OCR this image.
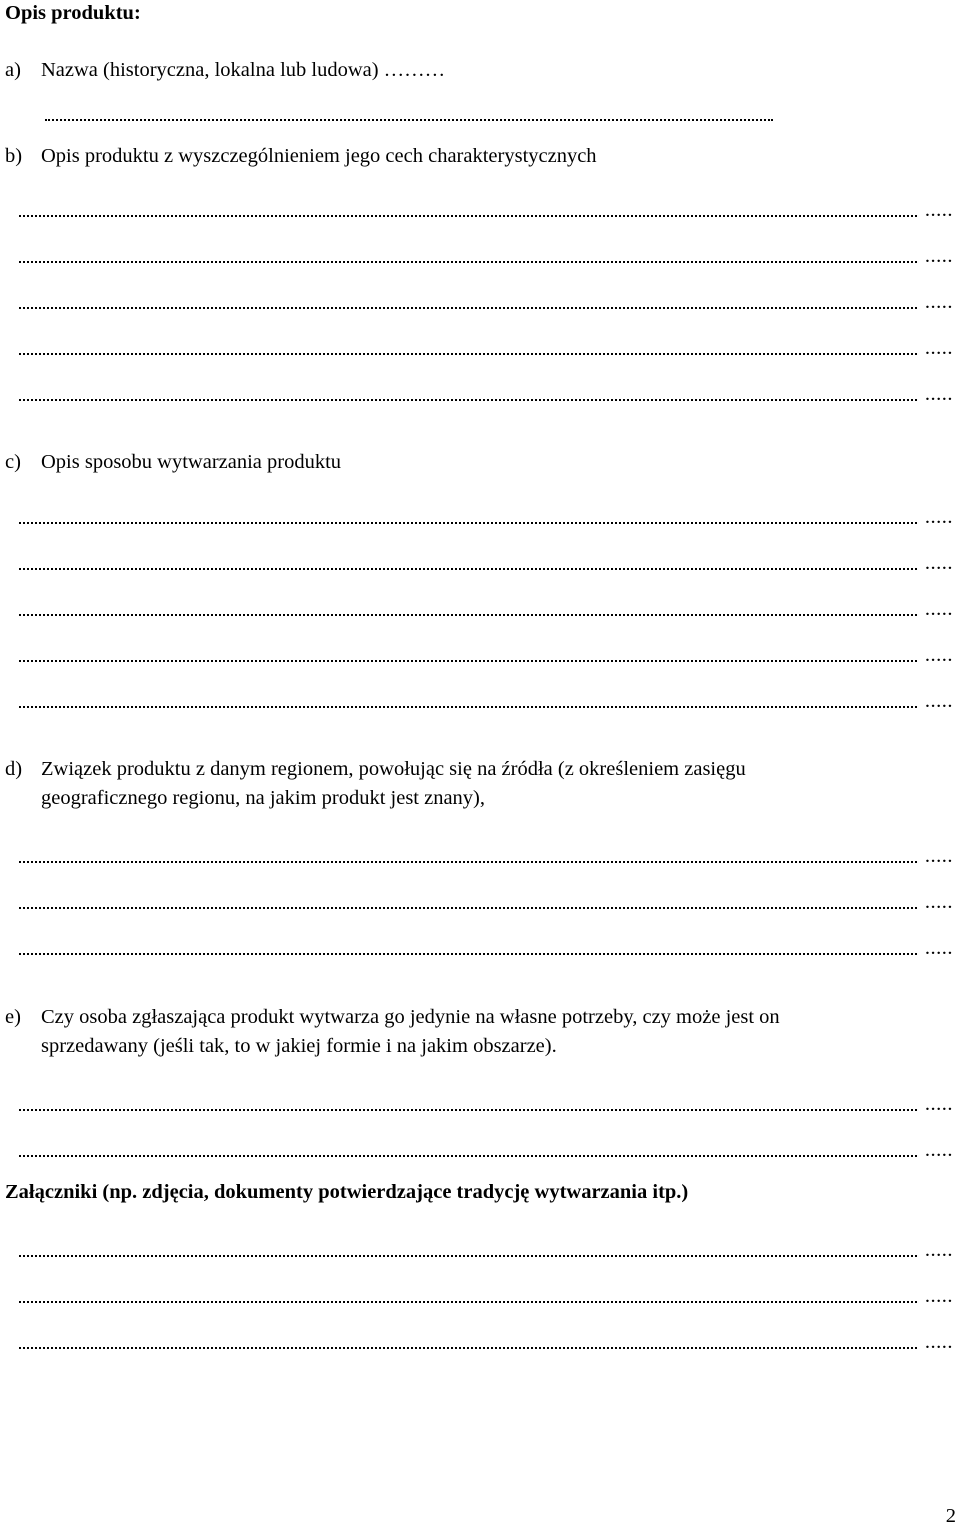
Opis produktu:
a) Nazwa (historyczna, lokalna lub ludowa) ………
b) Opis produktu z wyszczególnieniem jego cech charakterystycznych
.....
.....
.....
.....
.....
c) Opis sposobu wytwarzania produktu
.....
.....
.....
.....
.....
d) Związek produktu z danym regionem, powołując się na źródła (z określeniem zasięgu
geograficznego regionu, na jakim produkt jest znany),
.....
.....
.....
e) Czy osoba zgłaszająca produkt wytwarza go jedynie na własne potrzeby, czy może jest on
sprzedawany (jeśli tak, to w jakiej formie i na jakim obszarze).
.....
.....
Załączniki (np. zdjęcia, dokumenty potwierdzające tradycję wytwarzania itp.)
.....
.....
.....
2
